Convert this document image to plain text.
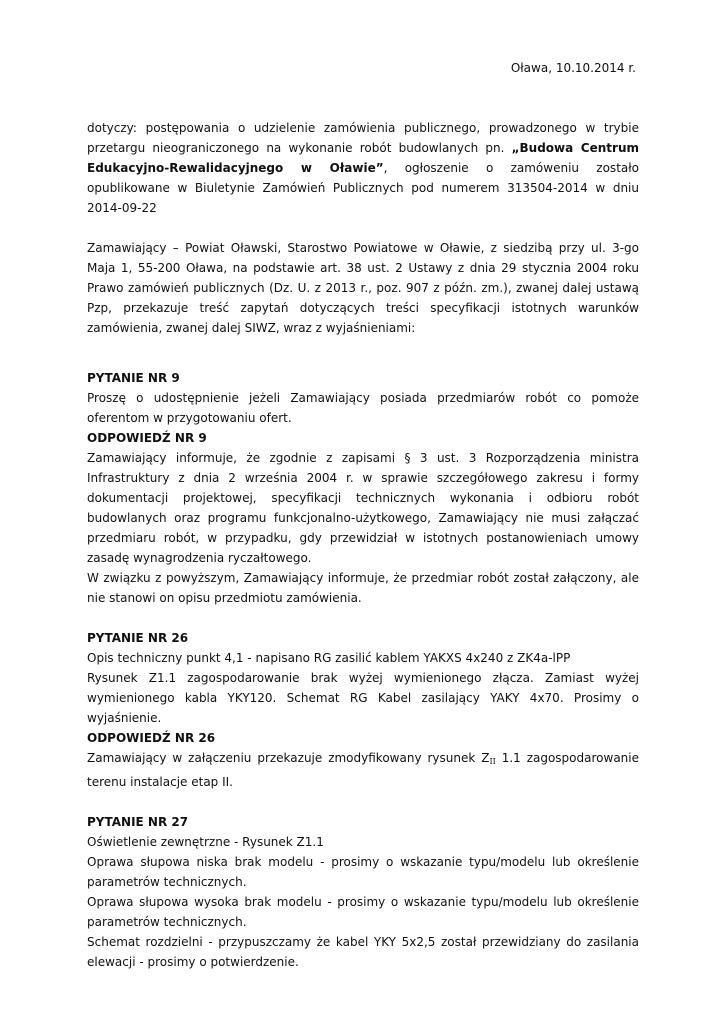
Oława, 10.10.2014 r.

dotyczy: postępowania o udzielenie zamówienia publicznego, prowadzonego w trybie przetargu nieograniczonego na wykonanie robót budowlanych pn. „Budowa Centrum Edukacyjno-Rewalidacyjnego w Oławie”, ogłoszenie o zamóweniu zostało opublikowane w Biuletynie Zamówień Publicznych pod numerem 313504-2014 w dniu 2014-09-22

Zamawiający – Powiat Oławski, Starostwo Powiatowe w Oławie, z siedzibą przy ul. 3-go Maja 1, 55-200 Oława, na podstawie art. 38 ust. 2 Ustawy z dnia 29 stycznia 2004 roku Prawo zamówień publicznych (Dz. U. z 2013 r., poz. 907 z późn. zm.), zwanej dalej ustawą Pzp, przekazuje treść zapytań dotyczących treści specyfikacji istotnych warunków zamówienia, zwanej dalej SIWZ, wraz z wyjaśnieniami:

PYTANIE NR 9

Proszę o udostępnienie jeżeli Zamawiający posiada przedmiarów robót co pomoże oferentom w przygotowaniu ofert.

ODPOWIEDŹ NR 9

Zamawiający informuje, że zgodnie z zapisami § 3 ust. 3 Rozporządzenia ministra Infrastruktury z dnia 2 września 2004 r. w sprawie szczegółowego zakresu i formy dokumentacji projektowej, specyfikacji technicznych wykonania i odbioru robót budowlanych oraz programu funkcjonalno-użytkowego, Zamawiający nie musi załączać przedmiaru robót, w przypadku, gdy przewidział w istotnych postanowieniach umowy zasadę wynagrodzenia ryczałtowego.

W związku z powyższym, Zamawiający informuje, że przedmiar robót został załączony, ale nie stanowi on opisu przedmiotu zamówienia.

PYTANIE NR 26

Opis techniczny punkt 4,1 - napisano RG zasilić kablem YAKXS 4x240 z ZK4a-lPP

Rysunek Z1.1 zagospodarowanie brak wyżej wymienionego złącza. Zamiast wyżej wymienionego kabla YKY120. Schemat RG Kabel zasilający YAKY 4x70. Prosimy o wyjaśnienie.

ODPOWIEDŹ NR 26

Zamawiający w załączeniu przekazuje zmodyfikowany rysunek $Z_{II}$ 1.1 zagospodarowanie terenu instalacje etap II.

PYTANIE NR 27

Oświetlenie zewnętrzne - Rysunek Z1.1

Oprawa słupowa niska brak modelu - prosimy o wskazanie typu/modelu lub określenie parametrów technicznych.

Oprawa słupowa wysoka brak modelu - prosimy o wskazanie typu/modelu lub określenie parametrów technicznych.

Schemat rozdzielni - przypuszczamy że kabel YKY 5x2,5 został przewidziany do zasilania elewacji - prosimy o potwierdzenie.
